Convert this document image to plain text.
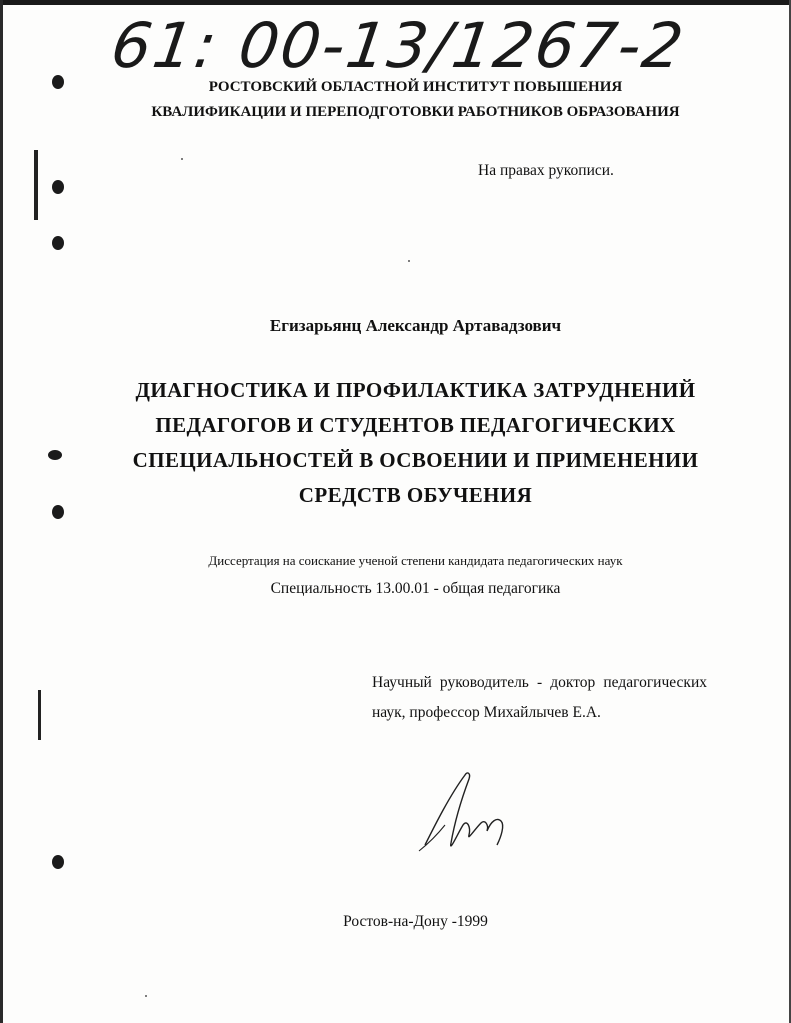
61: 00-13/1267-2
РОСТОВСКИЙ ОБЛАСТНОЙ ИНСТИТУТ ПОВЫШЕНИЯ
КВАЛИФИКАЦИИ И ПЕРЕПОДГОТОВКИ РАБОТНИКОВ ОБРАЗОВАНИЯ
На правах рукописи.
Егизарьянц Александр Артавадзович
ДИАГНОСТИКА И ПРОФИЛАКТИКА ЗАТРУДНЕНИЙ
ПЕДАГОГОВ И СТУДЕНТОВ ПЕДАГОГИЧЕСКИХ
СПЕЦИАЛЬНОСТЕЙ В ОСВОЕНИИ И ПРИМЕНЕНИИ
СРЕДСТВ ОБУЧЕНИЯ
Диссертация на соискание ученой степени кандидата педагогических наук
Специальность 13.00.01 - общая педагогика
Научный руководитель - доктор педагогических наук, профессор Михайлычев Е.А.
Ростов-на-Дону -1999
